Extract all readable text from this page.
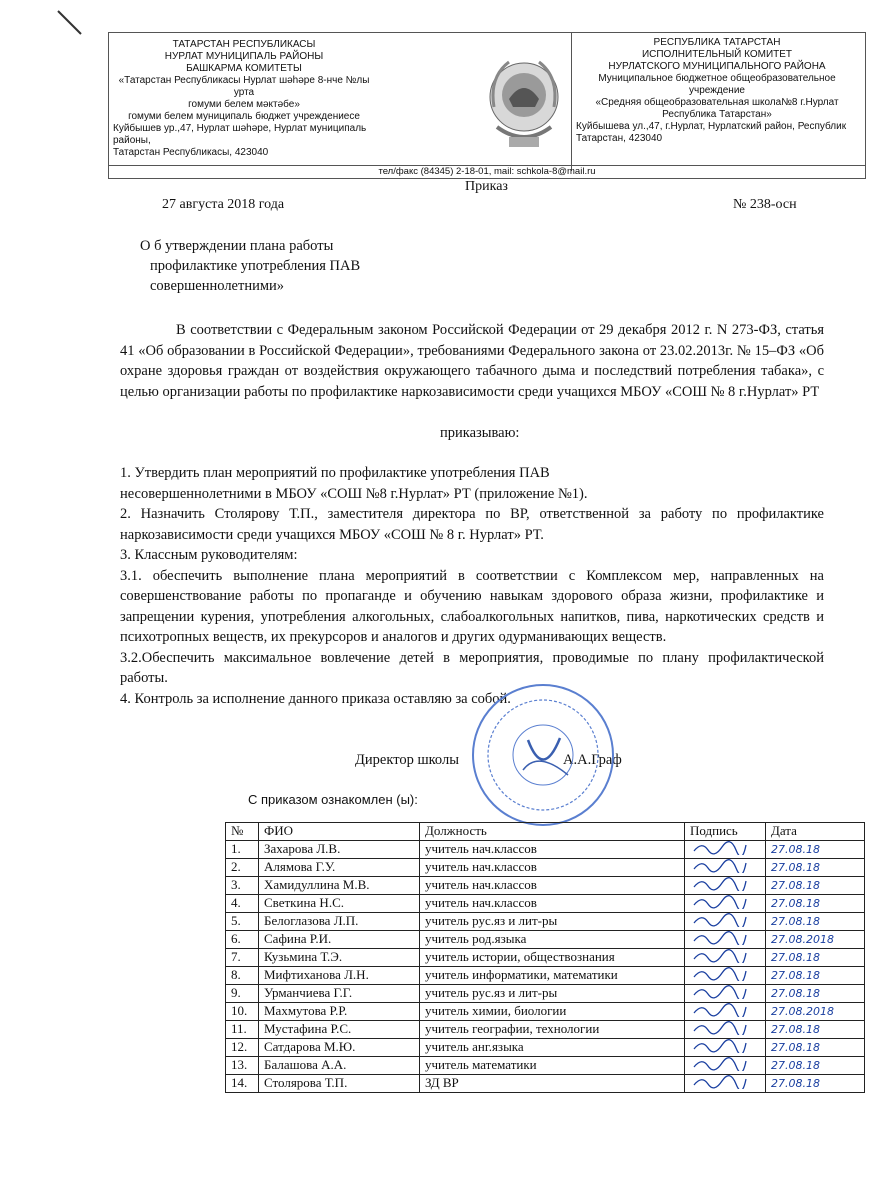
ТАТАРСТАН РЕСПУБЛИКАСЫ
НУРЛАТ МУНИЦИПАЛЬ РАЙОНЫ
БАШКАРМА КОМИТЕТЫ
«Татарстан Республикасы Нурлат шәһәре 8-нче №лы урта
гомуми белем мәктәбе»
гомуми белем муниципаль бюджет учреждениесе
Куйбышев ур.,47, Нурлат шәһәре, Нурлат муниципаль районы,
Татарстан Республикасы, 423040
РЕСПУБЛИКА ТАТАРСТАН
ИСПОЛНИТЕЛЬНЫЙ КОМИТЕТ
НУРЛАТСКОГО МУНИЦИПАЛЬНОГО РАЙОНА
Муниципальное бюджетное общеобразовательное
учреждение
«Средняя общеобразовательная школа№8 г.Нурлат
Республика Татарстан»
Куйбышева ул.,47, г.Нурлат, Нурлатский район, Республик
Татарстан, 423040
тел/факс (84345) 2-18-01, mail: schkola-8@mail.ru
Приказ
27 августа 2018 года	№ 238-осн
О б утверждении плана работы
профилактике употребления ПАВ
совершеннолетними»

В соответствии с Федеральным законом Российской Федерации от 29 декабря 2012 г. N 273-ФЗ, статья 41 «Об образовании в Российской Федерации», требованиями Федерального закона от 23.02.2013г. № 15–ФЗ «Об охране здоровья граждан от воздействия окружающего табачного дыма и последствий потребления табака», с целью организации работы по профилактике наркозависимости среди учащихся МБОУ «СОШ № 8 г.Нурлат» РТ

приказываю:

1. Утвердить план мероприятий по профилактике употребления ПАВ

несовершеннолетними в МБОУ «СОШ №8 г.Нурлат» РТ (приложение №1).

2. Назначить Столярову Т.П., заместителя директора по ВР, ответственной за работу по профилактике наркозависимости среди учащихся МБОУ «СОШ № 8 г. Нурлат» РТ.

3. Классным руководителям:

3.1. обеспечить выполнение плана мероприятий в соответствии с Комплексом мер, направленных на совершенствование работы по пропаганде и обучению навыкам здорового образа жизни, профилактике и запрещении курения, употребления алкогольных, слабоалкогольных напитков, пива, наркотических средств и психотропных веществ, их прекурсоров и аналогов и других одурманивающих веществ.

3.2.Обеспечить максимальное вовлечение детей в мероприятия, проводимые по плану профилактической работы.

4. Контроль за исполнение данного приказа оставляю за собой.

Директор школы	А.А.Граф
С приказом ознакомлен (ы):
№	ФИО	Должность	Подпись	Дата
1.	Захарова Л.В.	учитель нач.классов		27.08.18
2.	Алямова Г.У.	учитель нач.классов		27.08.18
3.	Хамидуллина М.В.	учитель нач.классов		27.08.18
4.	Светкина Н.С.	учитель нач.классов		27.08.18
5.	Белоглазова Л.П.	учитель рус.яз и лит-ры		27.08.18
6.	Сафина Р.И.	учитель род.языка		27.08.2018
7.	Кузьмина Т.Э.	учитель истории, обществознания		27.08.18
8.	Мифтиханова Л.Н.	учитель информатики, математики		27.08.18
9.	Урманчиева Г.Г.	учитель рус.яз и лит-ры		27.08.18
10.	Махмутова Р.Р.	учитель химии, биологии		27.08.2018
11.	Мустафина Р.С.	учитель географии, технологии		27.08.18
12.	Сатдарова М.Ю.	учитель анг.языка		27.08.18
13.	Балашова А.А.	учитель математики		27.08.18
14.	Столярова Т.П.	ЗД ВР		27.08.18
